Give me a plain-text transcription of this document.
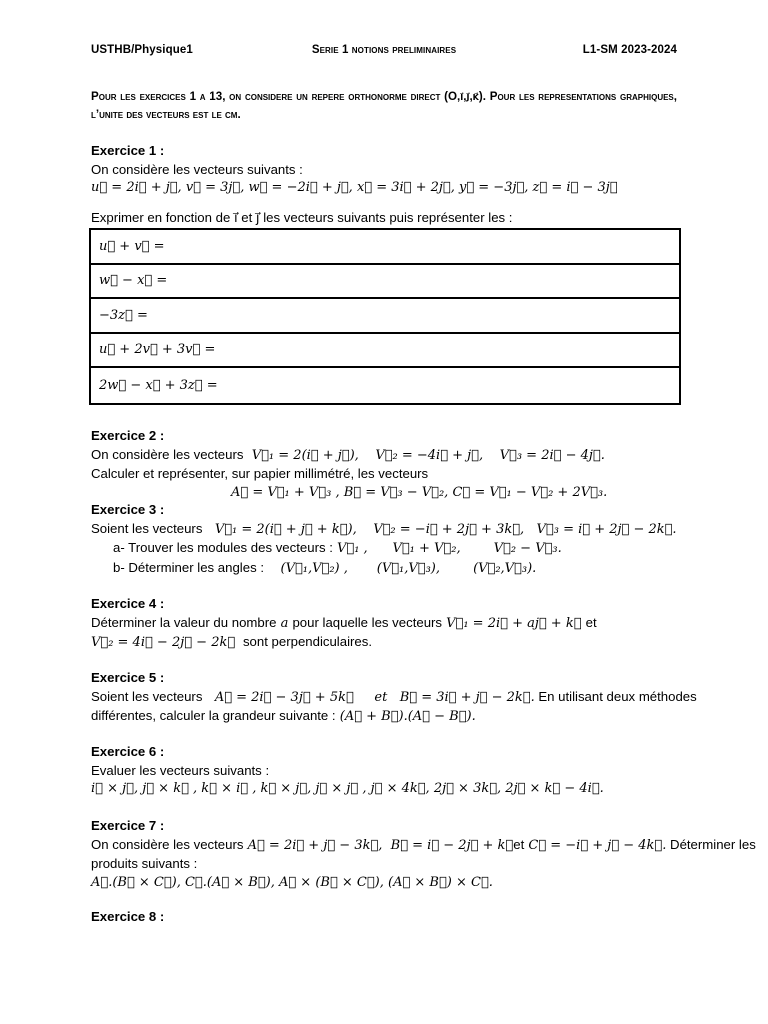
USTHB/Physique1	Serie 1 notions preliminaires	L1-SM 2023-2024
Pour les exercices 1 a 13, on considere un repere orthonorme direct (O,i⃗,j⃗,k⃗). Pour les representations graphiques, l’unite des vecteurs est le cm.
Exercice 1 :
On considère les vecteurs suivants :
u⃗ = 2i⃗ + j⃗, v⃗ = 3j⃗, w⃗ = −2i⃗ + j⃗, x⃗ = 3i⃗ + 2j⃗, y⃗ = −3j⃗, z⃗ = i⃗ − 3j⃗
Exprimer en fonction de i⃗ et j⃗ les vecteurs suivants puis représenter les :
u⃗ + v⃗ =
w⃗ − x⃗ =
−3z⃗ =
u⃗ + 2v⃗ + 3v⃗ =
2w⃗ − x⃗ + 3z⃗ =
Exercice 2 :
On considère les vecteurs  V⃗₁ = 2(i⃗ + j⃗),    V⃗₂ = −4i⃗ + j⃗,    V⃗₃ = 2i⃗ − 4j⃗.
Calculer et représenter, sur papier millimétré, les vecteurs
A⃗ = V⃗₁ + V⃗₃ , B⃗ = V⃗₃ − V⃗₂, C⃗ = V⃗₁ − V⃗₂ + 2V⃗₃.
Exercice 3 :
Soient les vecteurs   V⃗₁ = 2(i⃗ + j⃗ + k⃗),    V⃗₂ = −i⃗ + 2j⃗ + 3k⃗,   V⃗₃ = i⃗ + 2j⃗ − 2k⃗.
a- Trouver les modules des vecteurs : V⃗₁ ,      V⃗₁ + V⃗₂,        V⃗₂ − V⃗₃.
b- Déterminer les angles :    (V⃗₁,V⃗₂) ,       (V⃗₁,V⃗₃),        (V⃗₂,V⃗₃).
Exercice 4 :
Déterminer la valeur du nombre a pour laquelle les vecteurs V⃗₁ = 2i⃗ + aj⃗ + k⃗ et
V⃗₂ = 4i⃗ − 2j⃗ − 2k⃗  sont perpendiculaires.
Exercice 5 :
Soient les vecteurs   A⃗ = 2i⃗ − 3j⃗ + 5k⃗     et   B⃗ = 3i⃗ + j⃗ − 2k⃗. En utilisant deux méthodes
différentes, calculer la grandeur suivante : (A⃗ + B⃗).(A⃗ − B⃗).
Exercice 6 :
Evaluer les vecteurs suivants :
i⃗ × j⃗, j⃗ × k⃗ , k⃗ × i⃗ , k⃗ × j⃗, j⃗ × j⃗ , j⃗ × 4k⃗, 2j⃗ × 3k⃗, 2j⃗ × k⃗ − 4i⃗.
Exercice 7 :
On considère les vecteurs A⃗ = 2i⃗ + j⃗ − 3k⃗,  B⃗ = i⃗ − 2j⃗ + k⃗et C⃗ = −i⃗ + j⃗ − 4k⃗. Déterminer les
produits suivants :
A⃗.(B⃗ × C⃗), C⃗.(A⃗ × B⃗), A⃗ × (B⃗ × C⃗), (A⃗ × B⃗) × C⃗.
Exercice 8 :
